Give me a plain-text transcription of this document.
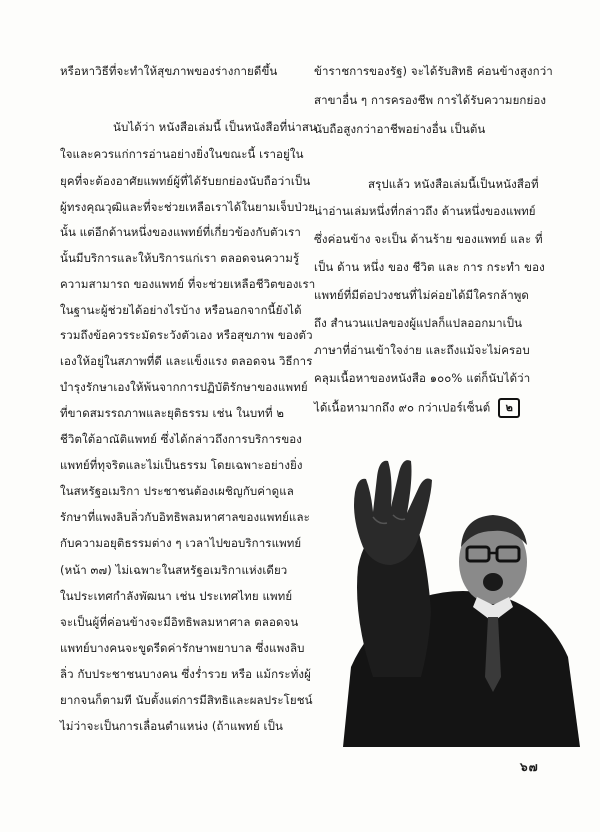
หรือหาวิธีที่จะทำให้สุขภาพของร่างกายดีขึ้น
นับได้ว่า หนังสือเล่มนี้ เป็นหนังสือที่น่าสน
ใจและควรแก่การอ่านอย่างยิ่งในขณะนี้ เราอยู่ใน
ยุคที่จะต้องอาศัยแพทย์ผู้ที่ได้รับยกย่องนับถือว่าเป็น
ผู้ทรงคุณวุฒิและที่จะช่วยเหลือเราได้ในยามเจ็บป่วย
นั้น แต่อีกด้านหนึ่งของแพทย์ที่เกี่ยวข้องกับตัวเรา
นั้นมีบริการและให้บริการแก่เรา ตลอดจนความรู้
ความสามารถ ของแพทย์ ที่จะช่วยเหลือชีวิตของเรา
ในฐานะผู้ช่วยได้อย่างไรบ้าง หรือนอกจากนี้ยังได้
รวมถึงข้อควรระมัดระวังตัวเอง หรือสุขภาพ ของตัว
เองให้อยู่ในสภาพที่ดี และแข็งแรง ตลอดจน วิธีการ
บำรุงรักษาเองให้พ้นจากการปฏิบัติรักษาของแพทย์
ที่ขาดสมรรถภาพและยุติธรรม เช่น ในบทที่ ๒
ชีวิตใต้อาณัติแพทย์ ซึ่งได้กล่าวถึงการบริการของ
แพทย์ที่ทุจริตและไม่เป็นธรรม โดยเฉพาะอย่างยิ่ง
ในสหรัฐอเมริกา ประชาชนต้องเผชิญกับค่าดูแล
รักษาที่แพงลิบลิ่วกับอิทธิพลมหาศาลของแพทย์และ
กับความอยุติธรรมต่าง ๆ เวลาไปขอบริการแพทย์
(หน้า ๓๗) ไม่เฉพาะในสหรัฐอเมริกาแห่งเดียว
ในประเทศกำลังพัฒนา เช่น ประเทศไทย แพทย์
จะเป็นผู้ที่ค่อนข้างจะมีอิทธิพลมหาศาล ตลอดจน
แพทย์บางคนจะขูดรีดค่ารักษาพยาบาล ซึ่งแพงลิบ
ลิ่ว กับประชาชนบางคน ซึ่งร่ำรวย หรือ แม้กระทั่งผู้
ยากจนก็ตามที นับตั้งแต่การมีสิทธิและผลประโยชน์
ไม่ว่าจะเป็นการเลื่อนตำแหน่ง (ถ้าแพทย์ เป็น
ข้าราชการของรัฐ) จะได้รับสิทธิ ค่อนข้างสูงกว่า
สาขาอื่น ๆ การครองชีพ การได้รับความยกย่อง
นับถือสูงกว่าอาชีพอย่างอื่น เป็นต้น
สรุปแล้ว หนังสือเล่มนี้เป็นหนังสือที่
น่าอ่านเล่มหนึ่งที่กล่าวถึง ด้านหนึ่งของแพทย์
ซึ่งค่อนข้าง จะเป็น ด้านร้าย ของแพทย์ และ ที่
เป็น ด้าน หนึ่ง ของ ชีวิต และ การ กระทำ ของ
แพทย์ที่มีต่อปวงชนที่ไม่ค่อยได้มีใครกล้าพูด
ถึง สำนวนแปลของผู้แปลก็แปลออกมาเป็น
ภาษาที่อ่านเข้าใจง่าย และถึงแม้จะไม่ครอบ
คลุมเนื้อหาของหนังสือ ๑๐๐% แต่ก็นับได้ว่า
ได้เนื้อหามากถึง ๙๐ กว่าเปอร์เซ็นต์ ๒
๖๗
